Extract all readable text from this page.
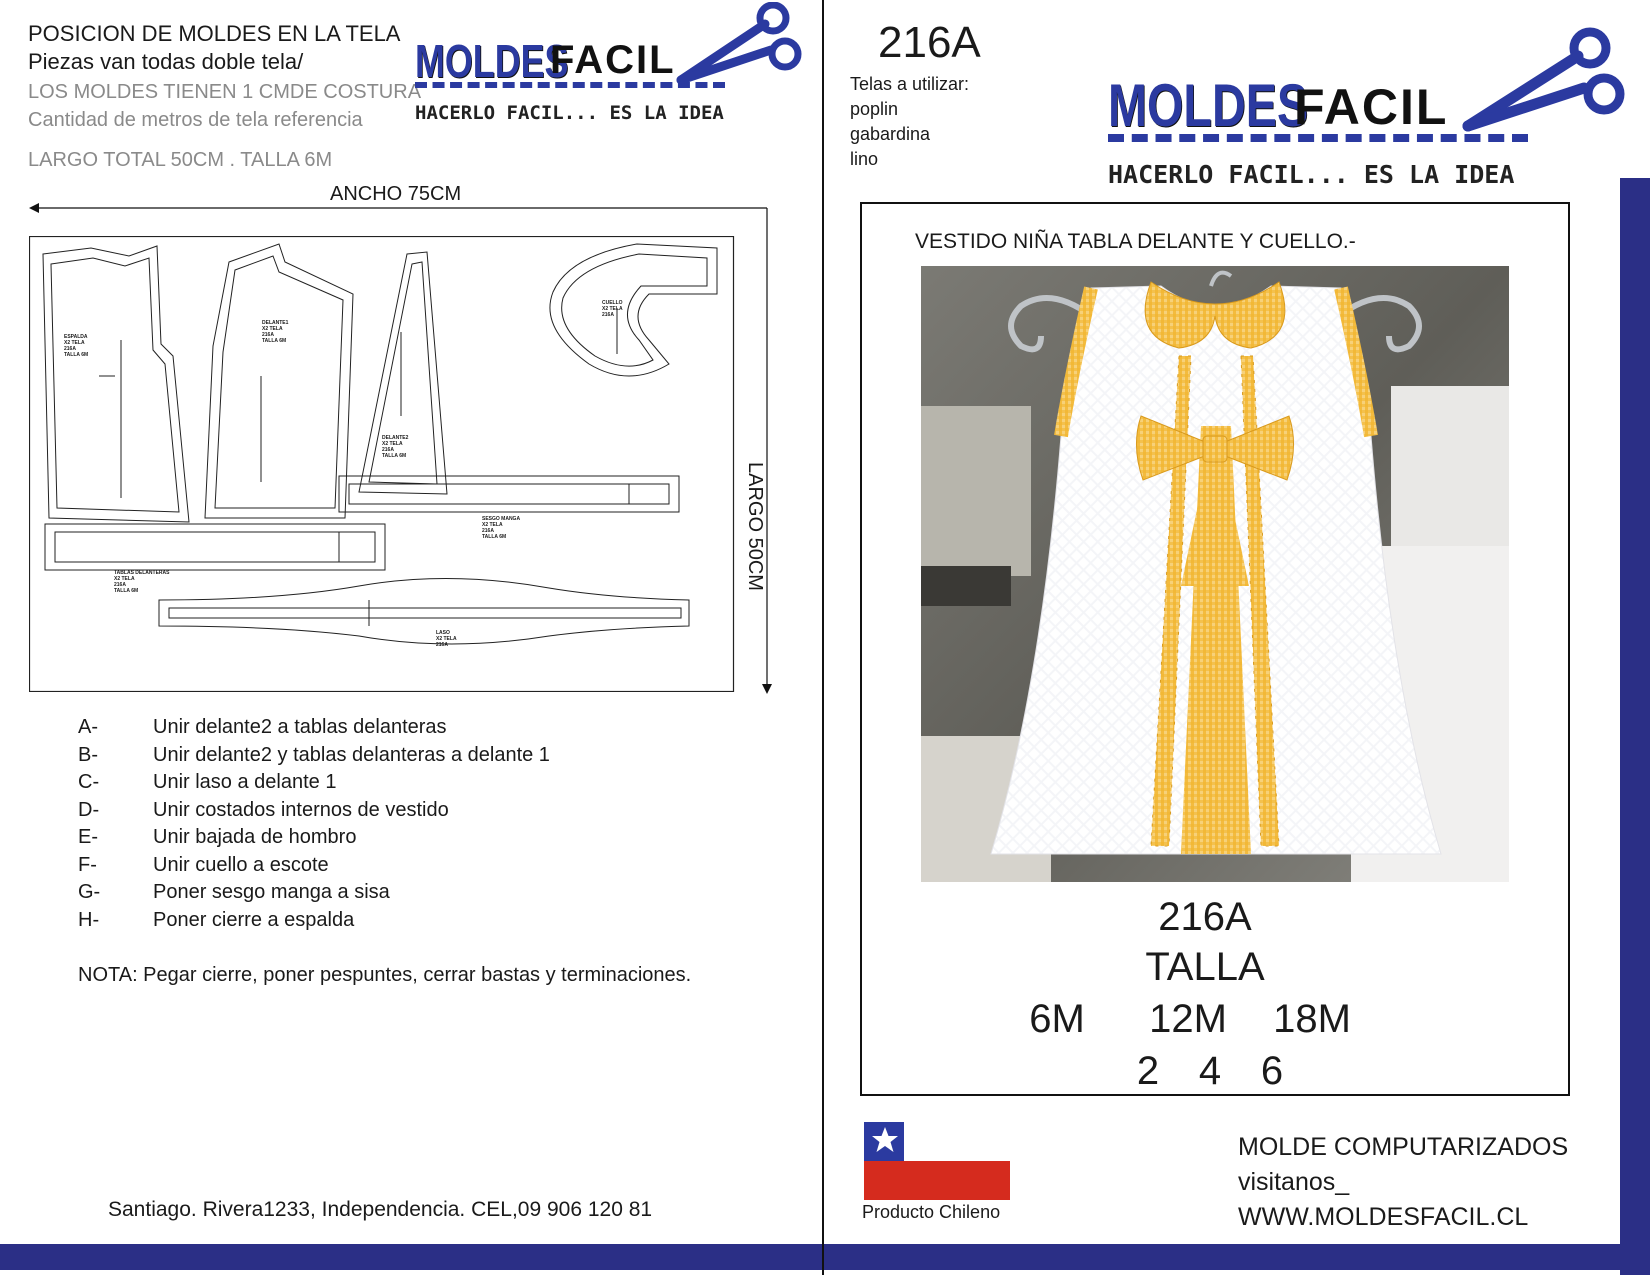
POSICION DE MOLDES EN LA TELA
Piezas van todas doble tela/
LOS MOLDES TIENEN 1 CMDE COSTURA
Cantidad de metros de tela referencia
LARGO TOTAL 50CM . TALLA 6M
MOLDES
FACIL
HACERLO FACIL... ES LA IDEA
ANCHO 75CM
LARGO 50CM
ESPALDA
X2 TELA
216A
TALLA 6M
DELANTE1
X2 TELA
216A
TALLA 6M
DELANTE2
X2 TELA
216A
TALLA 6M
CUELLO
X2 TELA
216A
SESGO MANGA
X2 TELA
216A
TALLA 6M
TABLAS DELANTERAS
X2 TELA
216A
TALLA 6M
LASO
X2 TELA
216A
A-	Unir delante2 a tablas delanteras
B-	Unir delante2 y tablas delanteras a delante 1
C-	Unir laso a delante 1
D-	Unir costados internos de vestido
E-	Unir bajada de hombro
F-	Unir cuello a escote
G-	Poner sesgo manga a sisa
H-	Poner cierre a espalda
NOTA: Pegar cierre, poner pespuntes, cerrar bastas y terminaciones.
Santiago. Rivera1233, Independencia. CEL,09 906 120 81
216A
Telas a utilizar:
poplin
gabardina
lino
MOLDES
FACIL
HACERLO FACIL... ES LA IDEA
VESTIDO NIÑA TABLA DELANTE Y CUELLO.-
216A
TALLA
6M	12M 18M
2 4 6
Producto Chileno
MOLDE COMPUTARIZADOS
visitanos_
WWW.MOLDESFACIL.CL
